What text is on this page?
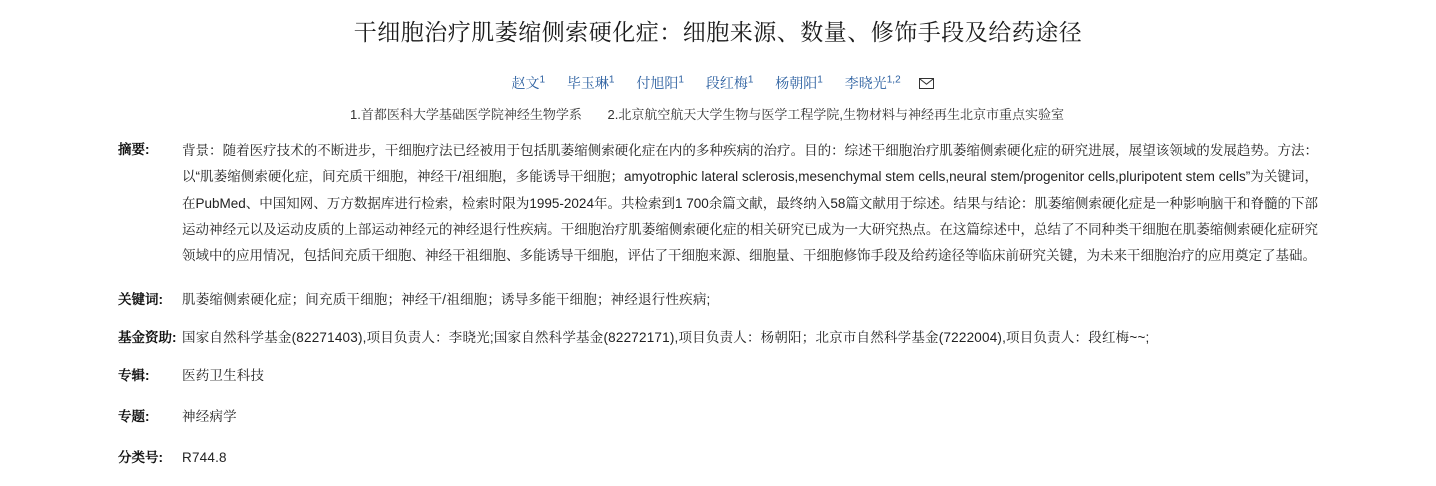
干细胞治疗肌萎缩侧索硬化症：细胞来源、数量、修饰手段及给药途径
赵文$^1$ 毕玉琳$^1$ 付旭阳$^1$ 段红梅$^1$ 杨朝阳$^1$ 李晓光$^{1,2}$
1.首都医科大学基础医学院神经生物学系 2.北京航空航天大学生物与医学工程学院,生物材料与神经再生北京市重点实验室
摘要:	背景：随着医疗技术的不断进步，干细胞疗法已经被用于包括肌萎缩侧索硬化症在内的多种疾病的治疗。目的：综述干细胞治疗肌萎缩侧索硬化症的研究进展，展望该领域的发展趋势。方法：以“肌萎缩侧索硬化症，间充质干细胞，神经干/祖细胞，多能诱导干细胞；amyotrophic lateral sclerosis,mesenchymal stem cells,neural stem/progenitor cells,pluripotent stem cells”为关键词，在PubMed、中国知网、万方数据库进行检索，检索时限为1995-2024年。共检索到1 700余篇文献，最终纳入58篇文献用于综述。结果与结论：肌萎缩侧索硬化症是一种影响脑干和脊髓的下部运动神经元以及运动皮质的上部运动神经元的神经退行性疾病。干细胞治疗肌萎缩侧索硬化症的相关研究已成为一大研究热点。在这篇综述中，总结了不同种类干细胞在肌萎缩侧索硬化症研究领域中的应用情况，包括间充质干细胞、神经干祖细胞、多能诱导干细胞，评估了干细胞来源、细胞量、干细胞修饰手段及给药途径等临床前研究关键，为未来干细胞治疗的应用奠定了基础。
关键词:	肌萎缩侧索硬化症；间充质干细胞；神经干/祖细胞；诱导多能干细胞；神经退行性疾病;
基金资助: 国家自然科学基金(82271403),项目负责人：李晓光;国家自然科学基金(82272171),项目负责人：杨朝阳；北京市自然科学基金(7222004),项目负责人：段红梅~~;
专辑:	医药卫生科技
专题:	神经病学
分类号:	R744.8
